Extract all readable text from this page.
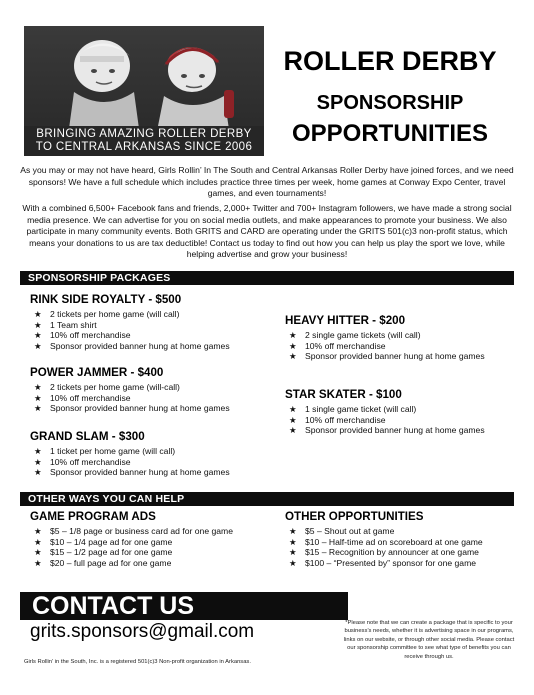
BRINGING AMAZING ROLLER DERBY
TO CENTRAL ARKANSAS SINCE 2006
ROLLER DERBY
SPONSORSHIP
OPPORTUNITIES

As you may or may not have heard, Girls Rollin’ In The South and Central Arkansas Roller Derby have joined forces, and we need sponsors! We have a full schedule which includes practice three times per week, home games at Conway Expo Center, travel games, and even tournaments!

With a combined 6,500+ Facebook fans and friends, 2,000+ Twitter and 700+ Instagram followers, we have made a strong social media presence. We can advertise for you on social media outlets, and make appearances to promote your business. We also participate in many community events. Both GRITS and CARD are operating under the GRITS 501(c)3 non-profit status, which means your donations to us are tax deductible! Contact us today to find out how you can help us play the sport we love, while helping advertise and grow your business!

SPONSORSHIP PACKAGES
RINK SIDE ROYALTY - $500
★ 2 tickets per home game (will call)
★ 1 Team shirt
★ 10% off merchandise
★ Sponsor provided banner hung at home games
POWER JAMMER - $400
★ 2 tickets per home game (will-call)
★ 10% off merchandise
★ Sponsor provided banner hung at home games
GRAND SLAM - $300
★ 1 ticket per home game (will call)
★ 10% off merchandise
★ Sponsor provided banner hung at home games
HEAVY HITTER - $200
★ 2 single game tickets (will call)
★ 10% off merchandise
★ Sponsor provided banner hung at home games
STAR SKATER - $100
★ 1 single game ticket (will call)
★ 10% off merchandise
★ Sponsor provided banner hung at home games
OTHER WAYS YOU CAN HELP
GAME PROGRAM ADS
★ $5 – 1/8 page or business card ad for one game
★ $10 – 1/4 page ad for one game
★ $15 – 1/2 page ad for one game
★ $20 – full page ad for one game
OTHER OPPORTUNITIES
★ $5 – Shout out at game
★ $10 – Half-time ad on scoreboard at one game
★ $15 – Recognition by announcer at one game
★ $100 – “Presented by” sponsor for one game
CONTACT US
grits.sponsors@gmail.com
Girls Rollin’ in the South, Inc. is a registered 501(c)3 Non-profit organization in Arkansas.
*Please note that we can create a package that is specific to your business’s needs, whether it is advertising space in our programs, links on our website, or through other social media. Please contact our sponsorship committee to see what type of benefits you can receive through us.
